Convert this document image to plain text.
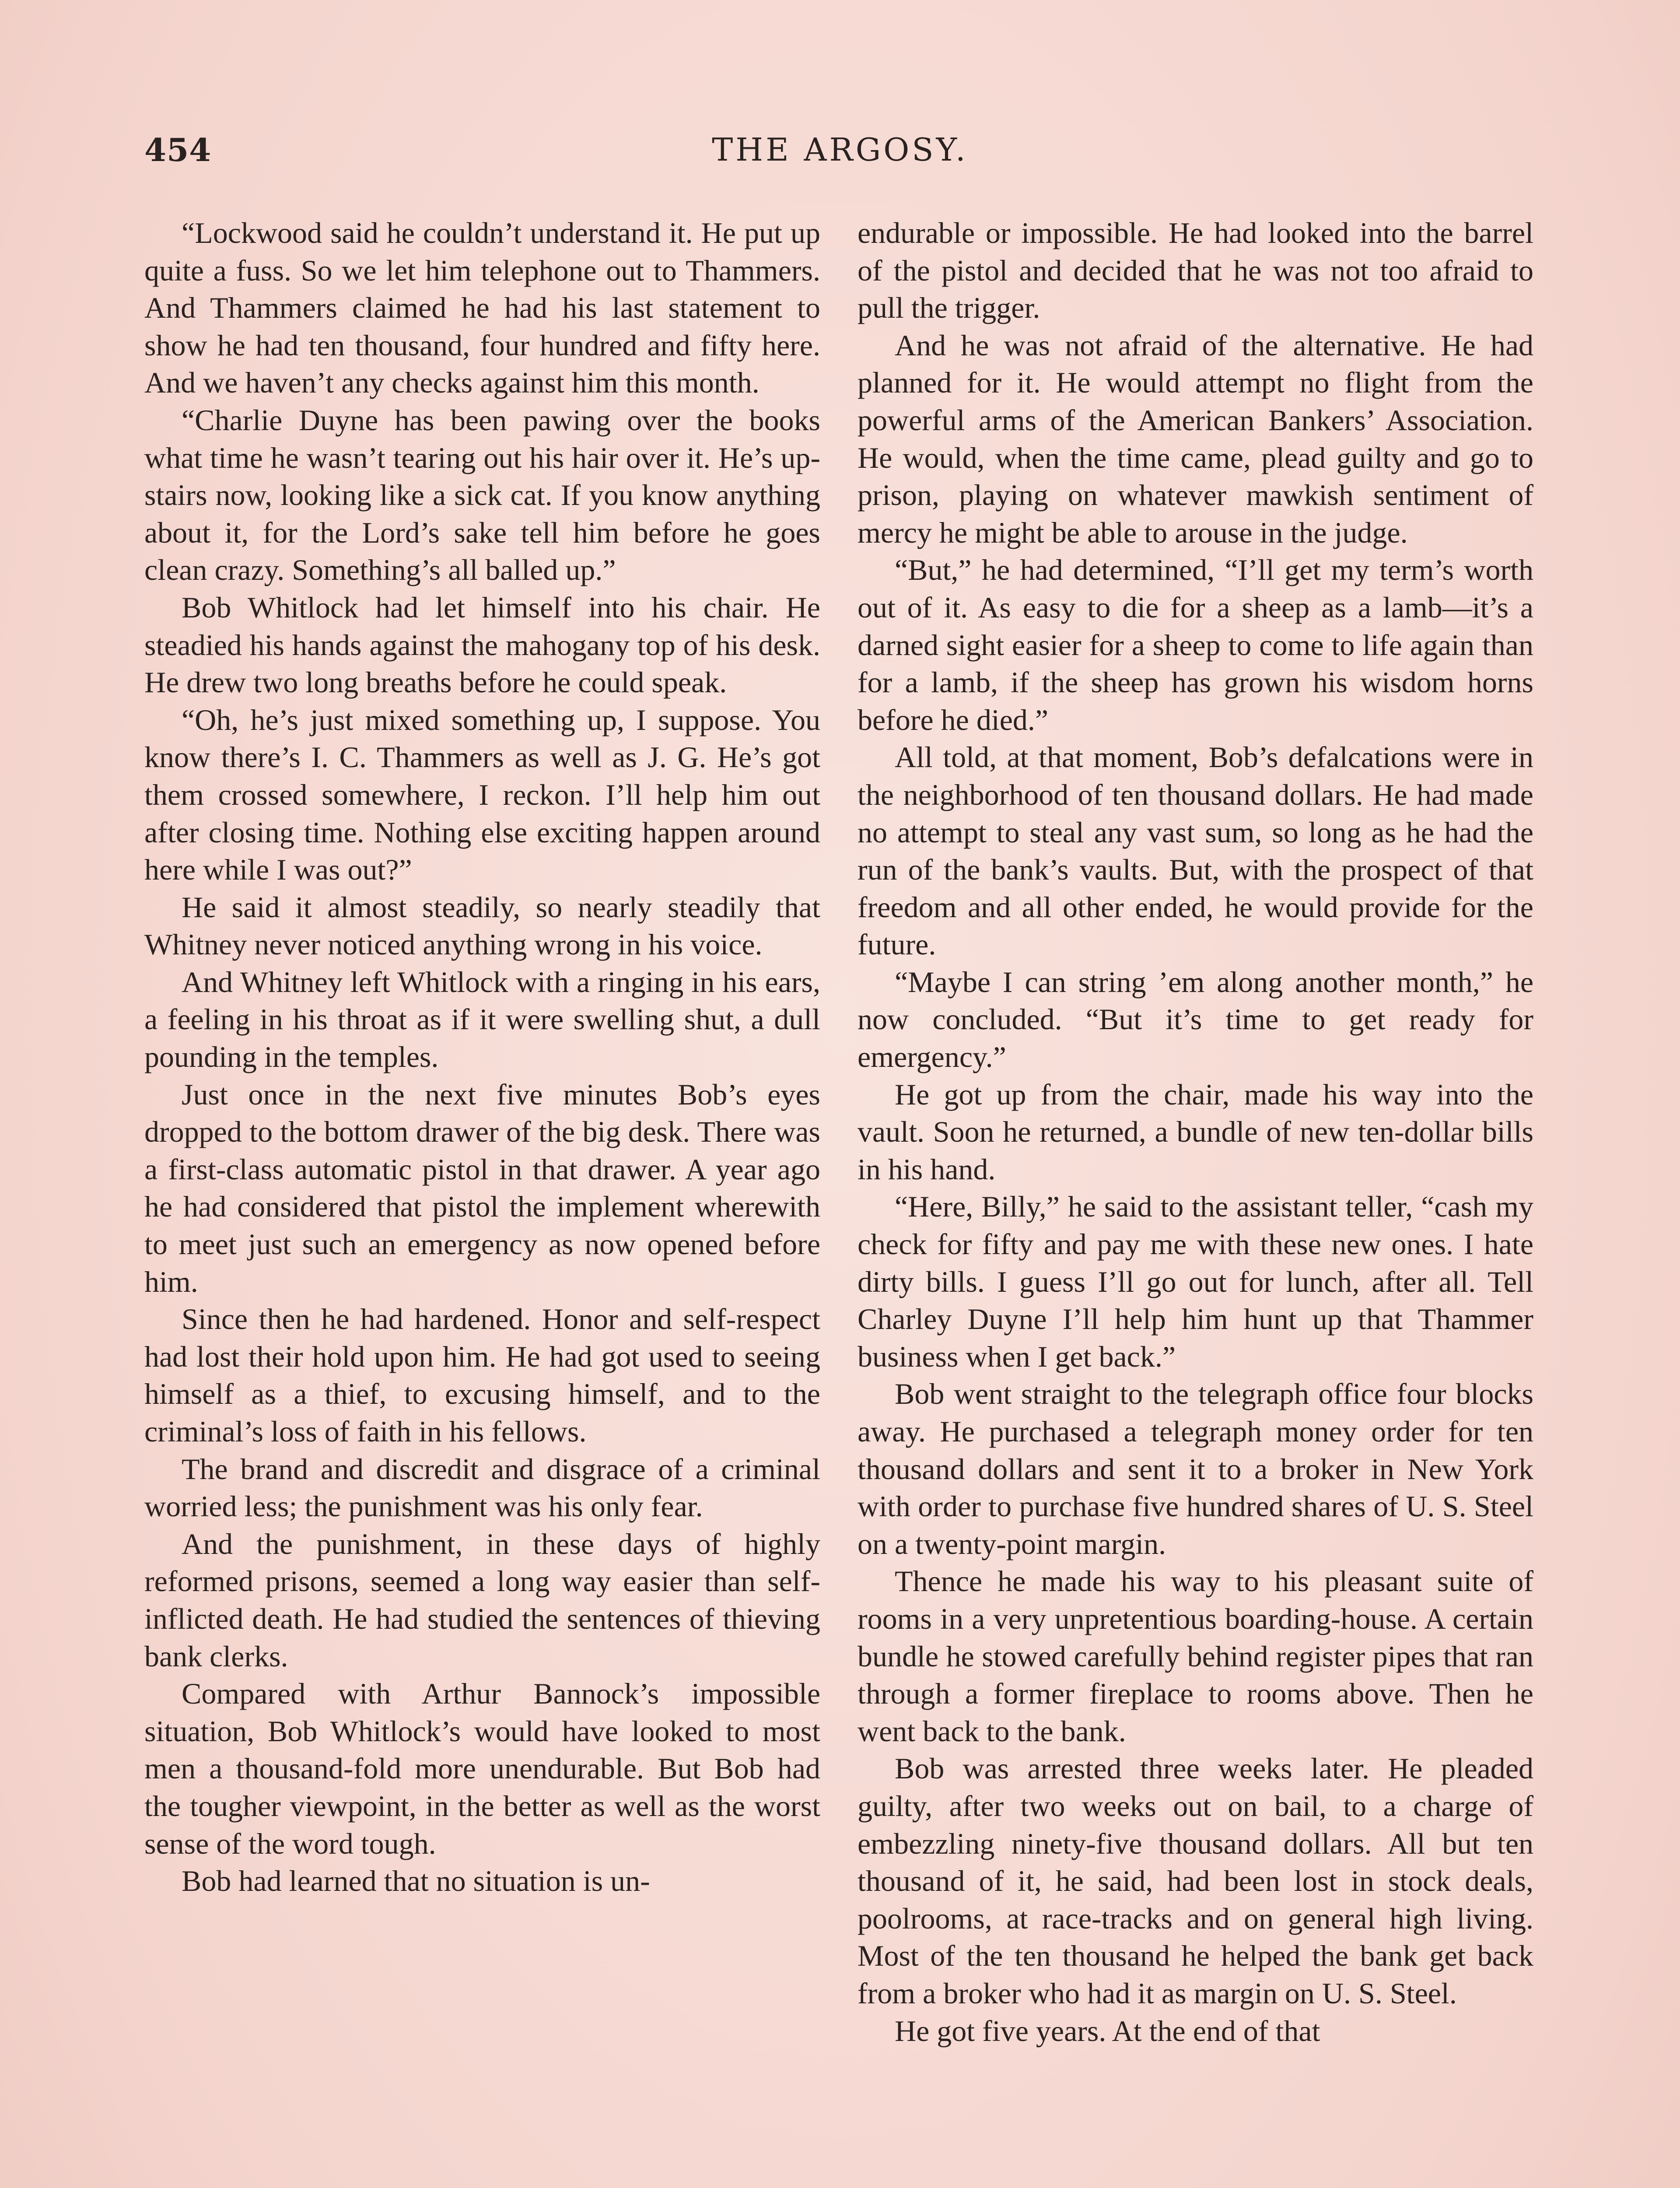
454	THE ARGOSY.

“Lockwood said he couldn’t understand it. He put up quite a fuss. So we let him telephone out to Thammers. And Thammers claimed he had his last statement to show he had ten thousand, four hundred and fifty here. And we haven’t any checks against him this month.

“Charlie Duyne has been pawing over the books what time he wasn’t tearing out his hair over it. He’s up-stairs now, looking like a sick cat. If you know anything about it, for the Lord’s sake tell him before he goes clean crazy. Something’s all balled up.”

Bob Whitlock had let himself into his chair. He steadied his hands against the mahogany top of his desk. He drew two long breaths before he could speak.

“Oh, he’s just mixed something up, I suppose. You know there’s I. C. Thammers as well as J. G. He’s got them crossed somewhere, I reckon. I’ll help him out after closing time. Nothing else exciting happen around here while I was out?”

He said it almost steadily, so nearly steadily that Whitney never noticed anything wrong in his voice.

And Whitney left Whitlock with a ringing in his ears, a feeling in his throat as if it were swelling shut, a dull pounding in the temples.

Just once in the next five minutes Bob’s eyes dropped to the bottom drawer of the big desk. There was a first-class automatic pistol in that drawer. A year ago he had considered that pistol the implement wherewith to meet just such an emergency as now opened before him.

Since then he had hardened. Honor and self-respect had lost their hold upon him. He had got used to seeing himself as a thief, to excusing himself, and to the criminal’s loss of faith in his fellows.

The brand and discredit and disgrace of a criminal worried less; the punishment was his only fear.

And the punishment, in these days of highly reformed prisons, seemed a long way easier than self-inflicted death. He had studied the sentences of thieving bank clerks.

Compared with Arthur Bannock’s impossible situation, Bob Whitlock’s would have looked to most men a thousand-fold more unendurable. But Bob had the tougher viewpoint, in the better as well as the worst sense of the word tough.

Bob had learned that no situation is un-

endurable or impossible. He had looked into the barrel of the pistol and decided that he was not too afraid to pull the trigger.

And he was not afraid of the alternative. He had planned for it. He would attempt no flight from the powerful arms of the American Bankers’ Association. He would, when the time came, plead guilty and go to prison, playing on whatever mawkish sentiment of mercy he might be able to arouse in the judge.

“But,” he had determined, “I’ll get my term’s worth out of it. As easy to die for a sheep as a lamb—it’s a darned sight easier for a sheep to come to life again than for a lamb, if the sheep has grown his wisdom horns before he died.”

All told, at that moment, Bob’s defalcations were in the neighborhood of ten thousand dollars. He had made no attempt to steal any vast sum, so long as he had the run of the bank’s vaults. But, with the prospect of that freedom and all other ended, he would provide for the future.

“Maybe I can string ’em along another month,” he now concluded. “But it’s time to get ready for emergency.”

He got up from the chair, made his way into the vault. Soon he returned, a bundle of new ten-dollar bills in his hand.

“Here, Billy,” he said to the assistant teller, “cash my check for fifty and pay me with these new ones. I hate dirty bills. I guess I’ll go out for lunch, after all. Tell Charley Duyne I’ll help him hunt up that Thammer business when I get back.”

Bob went straight to the telegraph office four blocks away. He purchased a telegraph money order for ten thousand dollars and sent it to a broker in New York with order to purchase five hundred shares of U. S. Steel on a twenty-point margin.

Thence he made his way to his pleasant suite of rooms in a very unpretentious boarding-house. A certain bundle he stowed carefully behind register pipes that ran through a former fireplace to rooms above. Then he went back to the bank.

Bob was arrested three weeks later. He pleaded guilty, after two weeks out on bail, to a charge of embezzling ninety-five thousand dollars. All but ten thousand of it, he said, had been lost in stock deals, poolrooms, at race-tracks and on general high living. Most of the ten thousand he helped the bank get back from a broker who had it as margin on U. S. Steel.

He got five years. At the end of that
